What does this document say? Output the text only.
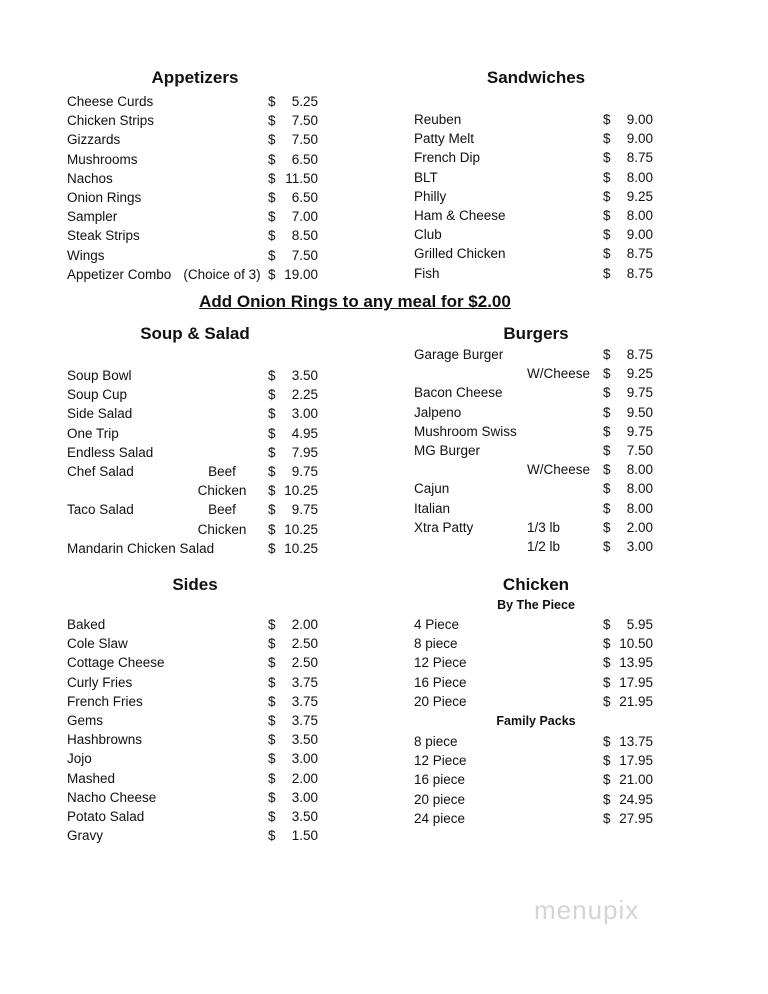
Appetizers
Cheese Curds	$	5.25
Chicken Strips	$	7.50
Gizzards	$	7.50
Mushrooms	$	6.50
Nachos	$ 11.50
Onion Rings	$	6.50
Sampler	$	7.00
Steak Strips	$	8.50
Wings	$	7.50
Appetizer Combo (Choice of 3) $ 19.00
Sandwiches
Reuben	$	9.00
Patty Melt	$	9.00
French Dip	$	8.75
BLT	$	8.00
Philly	$	9.25
Ham & Cheese	$	8.00
Club	$	9.00
Grilled Chicken	$	8.75
Fish	$	8.75
Add Onion Rings to any meal for $2.00
Soup & Salad
Soup Bowl	$	3.50
Soup Cup	$	2.25
Side Salad	$	3.00
One Trip	$	4.95
Endless Salad	$	7.95
Chef Salad	Beef	$	9.75
Chicken	$ 10.25
Taco Salad	Beef	$	9.75
Chicken	$ 10.25
Mandarin Chicken Salad	$ 10.25
Burgers
Garage Burger	$	8.75
W/Cheese $	9.25
Bacon Cheese	$	9.75
Jalpeno	$	9.50
Mushroom Swiss	$	9.75
MG Burger	$	7.50
W/Cheese $	8.00
Cajun	$	8.00
Italian	$	8.00
Xtra Patty	1/3 lb	$	2.00
1/2 lb	$	3.00
Sides
Baked	$	2.00
Cole Slaw	$	2.50
Cottage Cheese	$	2.50
Curly Fries	$	3.75
French Fries	$	3.75
Gems	$	3.75
Hashbrowns	$	3.50
Jojo	$	3.00
Mashed	$	2.00
Nacho Cheese	$	3.00
Potato Salad	$	3.50
Gravy	$	1.50
Chicken
By The Piece
4 Piece	$	5.95
8 piece	$ 10.50
12 Piece	$ 13.95
16 Piece	$ 17.95
20 Piece	$ 21.95
Family Packs
8 piece	$ 13.75
12 Piece	$ 17.95
16 piece	$ 21.00
20 piece	$ 24.95
24 piece	$ 27.95
menupix
